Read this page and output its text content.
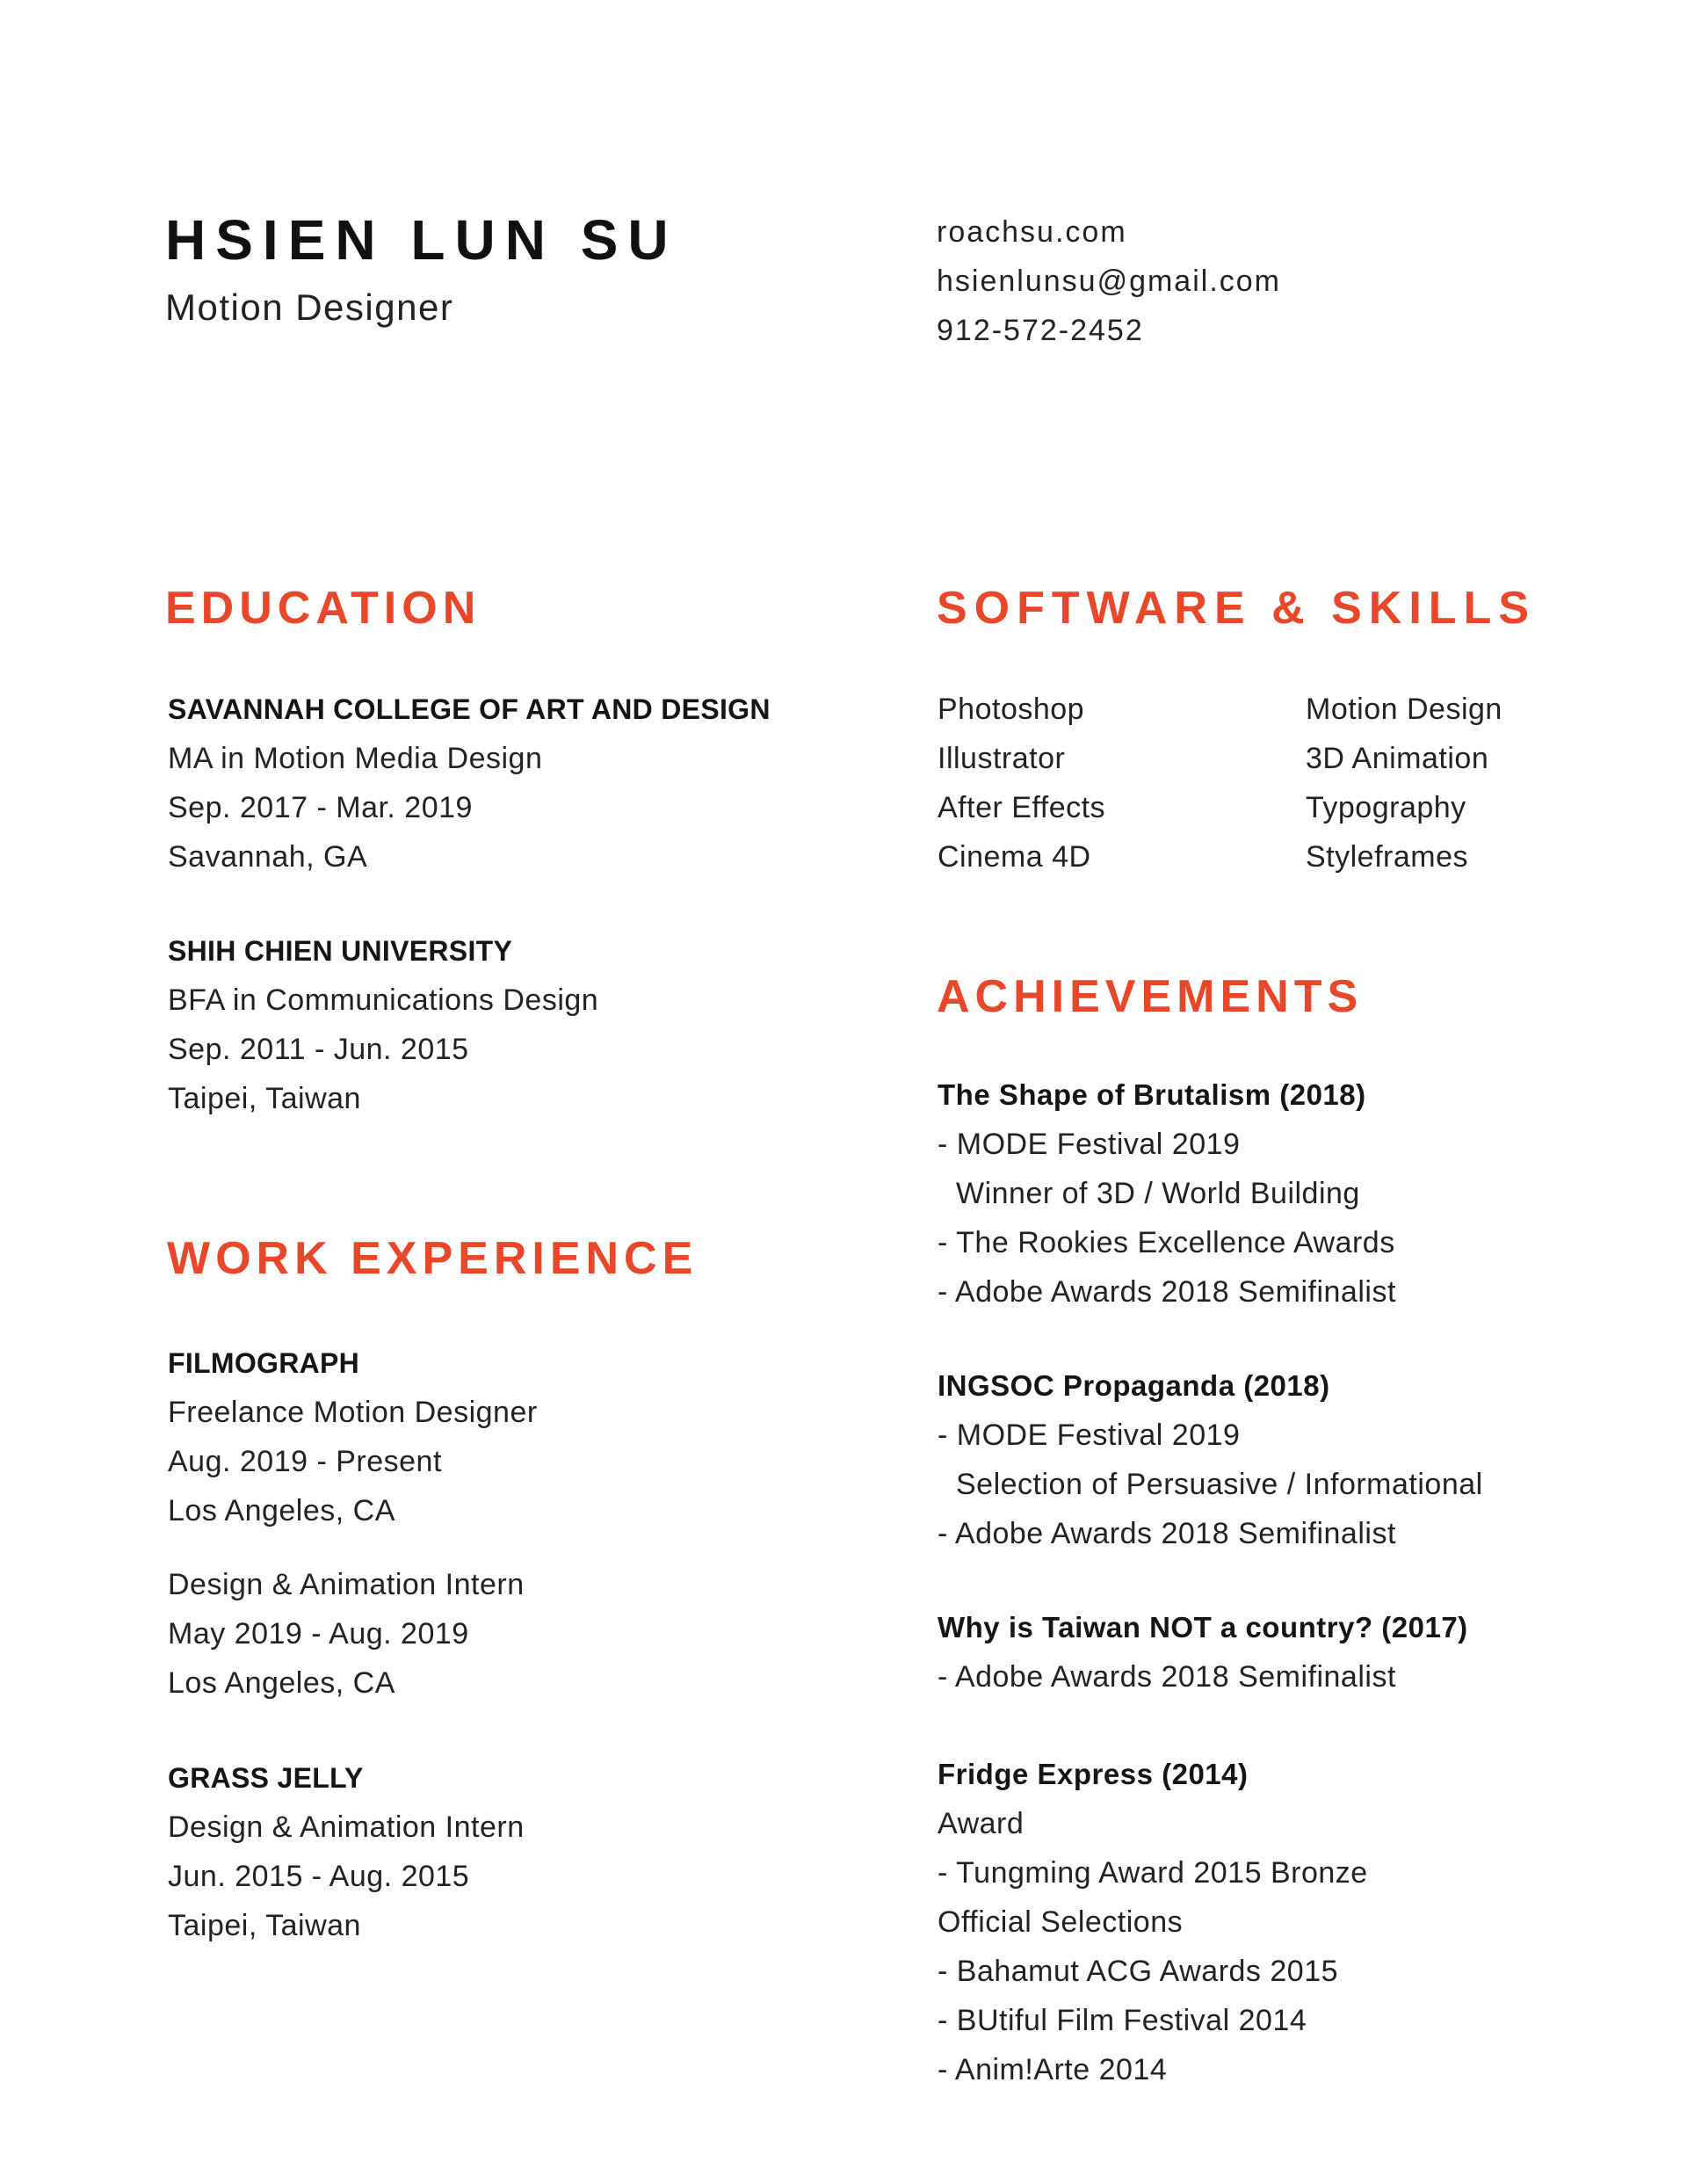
HSIEN LUN SU
Motion Designer
roachsu.com
hsienlunsu@gmail.com
912-572-2452
EDUCATION
SAVANNAH COLLEGE OF ART AND DESIGN
MA in Motion Media Design
Sep. 2017 - Mar. 2019
Savannah, GA
SHIH CHIEN UNIVERSITY
BFA in Communications Design
Sep. 2011 - Jun. 2015
Taipei, Taiwan
WORK EXPERIENCE
FILMOGRAPH
Freelance Motion Designer
Aug. 2019 - Present
Los Angeles, CA
Design & Animation Intern
May 2019 - Aug. 2019
Los Angeles, CA
GRASS JELLY
Design & Animation Intern
Jun. 2015 - Aug. 2015
Taipei, Taiwan
SOFTWARE & SKILLS
Photoshop
Illustrator
After Effects
Cinema 4D
Motion Design
3D Animation
Typography
Styleframes
ACHIEVEMENTS
The Shape of Brutalism (2018)
- MODE Festival 2019
Winner of 3D / World Building
- The Rookies Excellence Awards
- Adobe Awards 2018 Semifinalist
INGSOC Propaganda (2018)
- MODE Festival 2019
Selection of Persuasive / Informational
- Adobe Awards 2018 Semifinalist
Why is Taiwan NOT a country? (2017)
- Adobe Awards 2018 Semifinalist
Fridge Express (2014)
Award
- Tungming Award 2015 Bronze
Official Selections
- Bahamut ACG Awards 2015
- BUtiful Film Festival 2014
- Anim!Arte 2014
